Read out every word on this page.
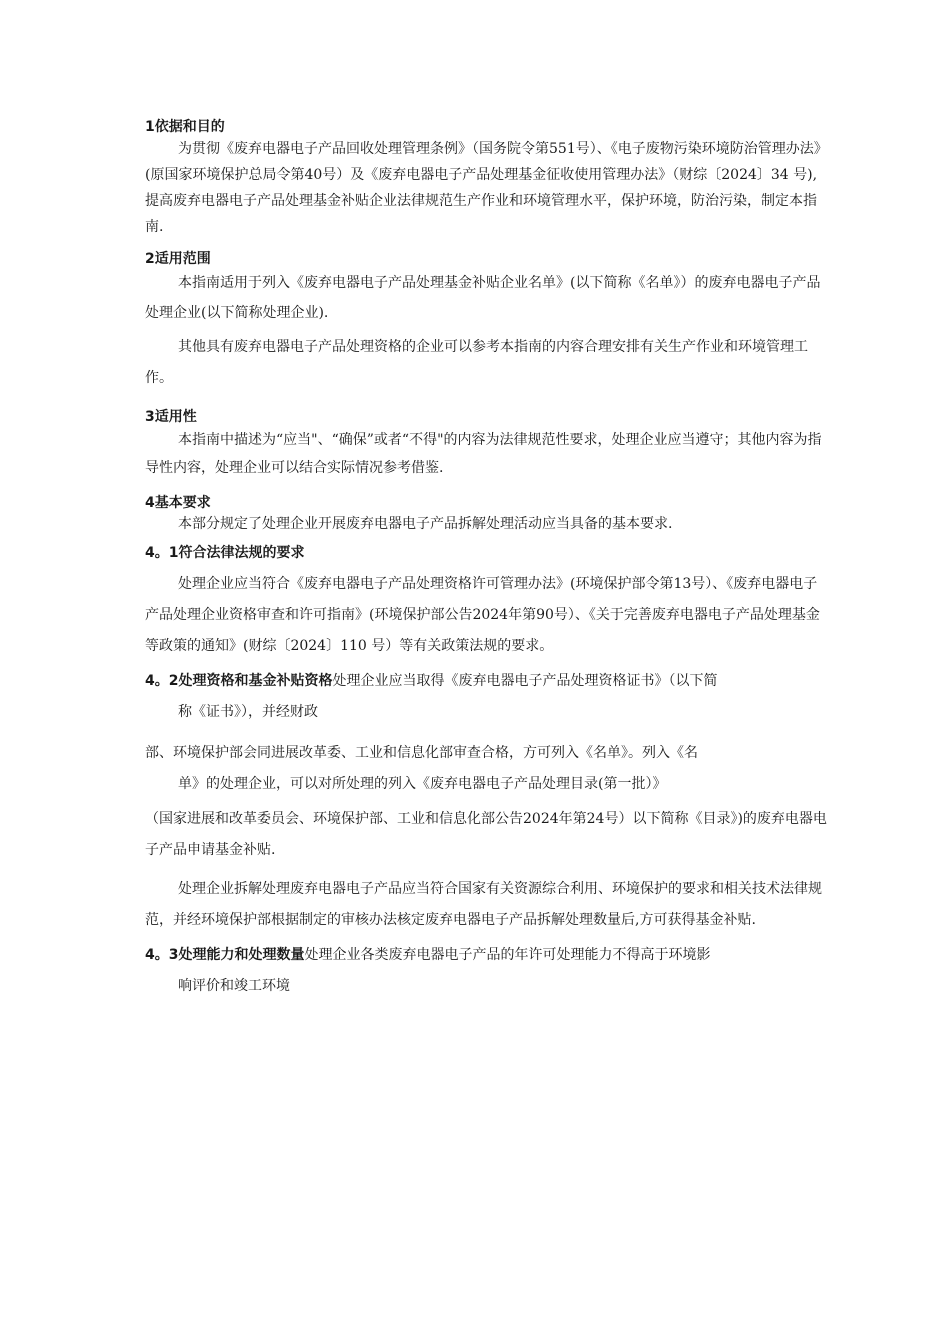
1依据和目的

为贯彻《废弃电器电子产品回收处理管理条例》（国务院令第551号）、《电子废物污染环境防治管理办法》(原国家环境保护总局令第40号）及《废弃电器电子产品处理基金征收使用管理办法》（财综〔2024〕34 号),提高废弃电器电子产品处理基金补贴企业法律规范生产作业和环境管理水平，保护环境，防治污染，制定本指南.

2适用范围

本指南适用于列入《废弃电器电子产品处理基金补贴企业名单》(以下简称《名单》）的废弃电器电子产品处理企业(以下简称处理企业).

其他具有废弃电器电子产品处理资格的企业可以参考本指南的内容合理安排有关生产作业和环境管理工作。

3适用性

本指南中描述为“应当"、“确保”或者“不得"的内容为法律规范性要求，处理企业应当遵守；其他内容为指导性内容，处理企业可以结合实际情况参考借鉴.

4基本要求

本部分规定了处理企业开展废弃电器电子产品拆解处理活动应当具备的基本要求.

4。1符合法律法规的要求

处理企业应当符合《废弃电器电子产品处理资格许可管理办法》(环境保护部令第13号）、《废弃电器电子产品处理企业资格审查和许可指南》(环境保护部公告2024年第90号）、《关于完善废弃电器电子产品处理基金等政策的通知》(财综〔2024〕110 号）等有关政策法规的要求。

4。2处理资格和基金补贴资格处理企业应当取得《废弃电器电子产品处理资格证书》（以下简

称《证书》），并经财政

部、环境保护部会同进展改革委、工业和信息化部审查合格，方可列入《名单》。列入《名

单》的处理企业，可以对所处理的列入《废弃电器电子产品处理目录(第一批）》

（国家进展和改革委员会、环境保护部、工业和信息化部公告2024年第24号）以下简称《目录》)的废弃电器电子产品申请基金补贴.

处理企业拆解处理废弃电器电子产品应当符合国家有关资源综合利用、环境保护的要求和相关技术法律规范，并经环境保护部根据制定的审核办法核定废弃电器电子产品拆解处理数量后,方可获得基金补贴.

4。3处理能力和处理数量处理企业各类废弃电器电子产品的年许可处理能力不得高于环境影

响评价和竣工环境
